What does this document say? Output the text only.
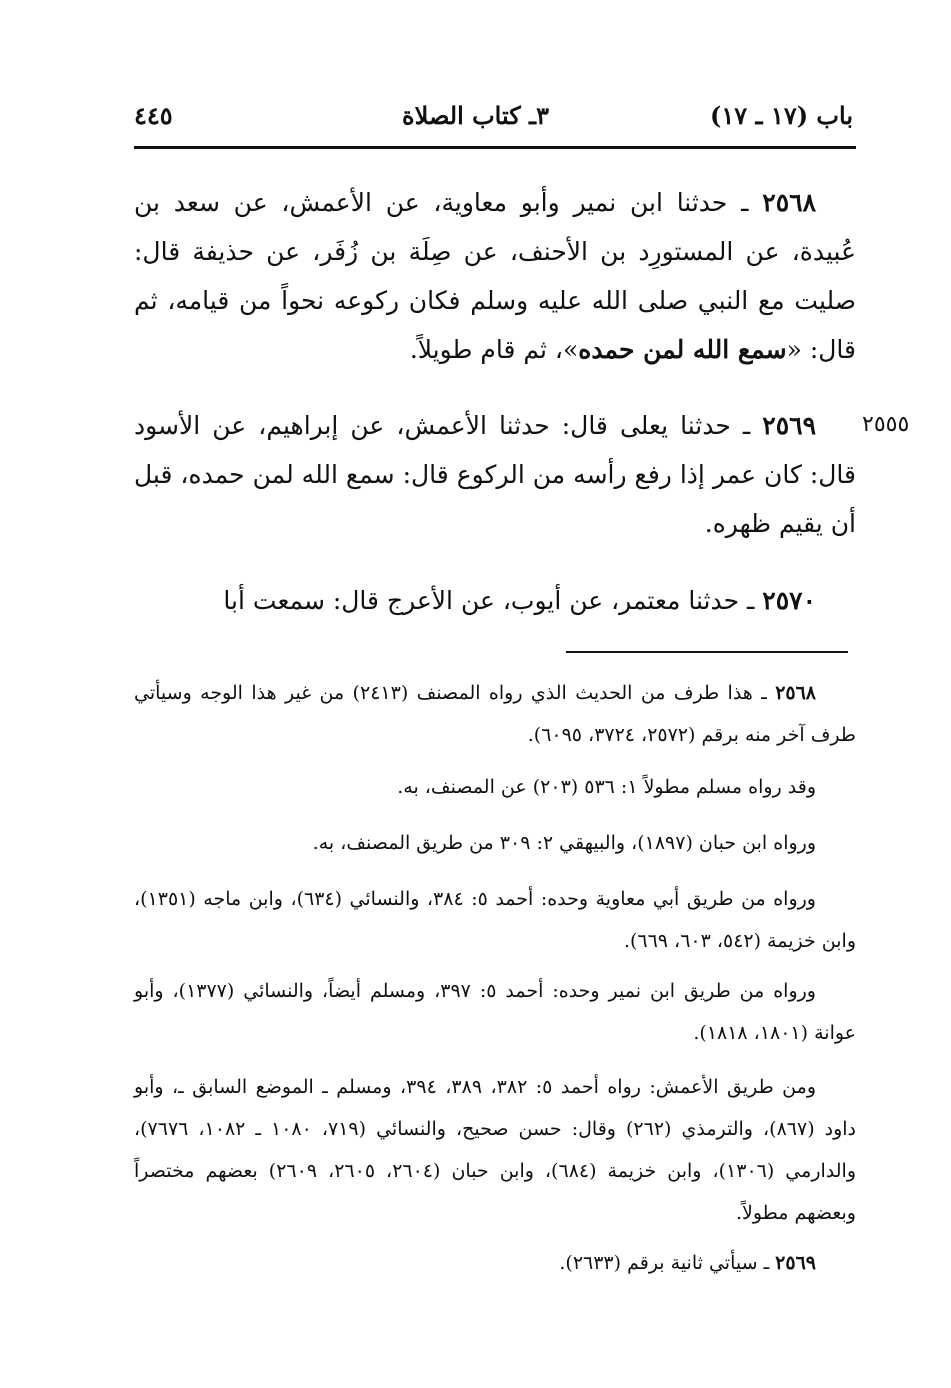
٤٤٥	٣ـ كتاب الصلاة	باب (١٧ ـ ١٧)
٢٥٦٨ ـ حدثنا ابن نمير وأبو معاوية، عن الأعمش، عن سعد بن عُبيدة، عن المستورِد بن الأحنف، عن صِلَة بن زُفَر، عن حذيفة قال: صليت مع النبي صلى الله عليه وسلم فكان ركوعه نحواً من قيامه، ثم قال: «سمع الله لمن حمده»، ثم قام طويلاً.
٢٥٥٥
٢٥٦٩ ـ حدثنا يعلى قال: حدثنا الأعمش، عن إبراهيم، عن الأسود قال: كان عمر إذا رفع رأسه من الركوع قال: سمع الله لمن حمده، قبل أن يقيم ظهره.
٢٥٧٠ ـ حدثنا معتمر، عن أيوب، عن الأعرج قال: سمعت أبا
٢٥٦٨ ـ هذا طرف من الحديث الذي رواه المصنف (٢٤١٣) من غير هذا الوجه وسيأتي طرف آخر منه برقم (٢٥٧٢، ٣٧٢٤، ٦٠٩٥).
وقد رواه مسلم مطولاً ١: ٥٣٦ (٢٠٣) عن المصنف، به.
ورواه ابن حبان (١٨٩٧)، والبيهقي ٢: ٣٠٩ من طريق المصنف، به.
ورواه من طريق أبي معاوية وحده: أحمد ٥: ٣٨٤، والنسائي (٦٣٤)، وابن ماجه (١٣٥١)، وابن خزيمة (٥٤٢، ٦٠٣، ٦٦٩).
ورواه من طريق ابن نمير وحده: أحمد ٥: ٣٩٧، ومسلم أيضاً، والنسائي (١٣٧٧)، وأبو عوانة (١٨٠١، ١٨١٨).
ومن طريق الأعمش: رواه أحمد ٥: ٣٨٢، ٣٨٩، ٣٩٤، ومسلم ـ الموضع السابق ـ، وأبو داود (٨٦٧)، والترمذي (٢٦٢) وقال: حسن صحيح، والنسائي (٧١٩، ١٠٨٠ ـ ١٠٨٢، ٧٦٧٦)، والدارمي (١٣٠٦)، وابن خزيمة (٦٨٤)، وابن حبان (٢٦٠٤، ٢٦٠٥، ٢٦٠٩) بعضهم مختصراً وبعضهم مطولاً.
٢٥٦٩ ـ سيأتي ثانية برقم (٢٦٣٣).
